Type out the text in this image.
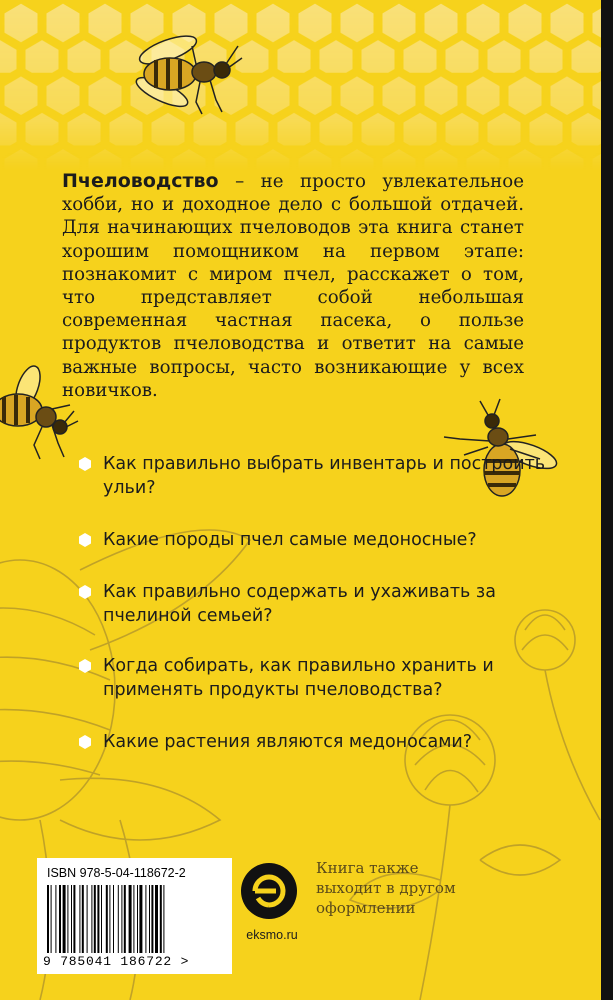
Пчеловодство – не просто увлекательное хобби, но и доходное дело с большой отдачей. Для начинающих пчеловодов эта книга станет хорошим помощником на первом этапе: познакомит с миром пчел, расскажет о том, что представляет собой небольшая современная частная пасека, о пользе продуктов пчеловодства и ответит на самые важные вопросы, часто возникающие у всех новичков.
Как правильно выбрать инвентарь и построить ульи?
Какие породы пчел самые медоносные?
Как правильно содержать и ухаживать за пчелиной семьей?
Когда собирать, как правильно хранить и применять продукты пчеловодства?
Какие растения являются медоносами?
ISBN 978-5-04-118672-2
9 785041 186722 >
eksmo.ru
Книга также выходит в другом оформлении
